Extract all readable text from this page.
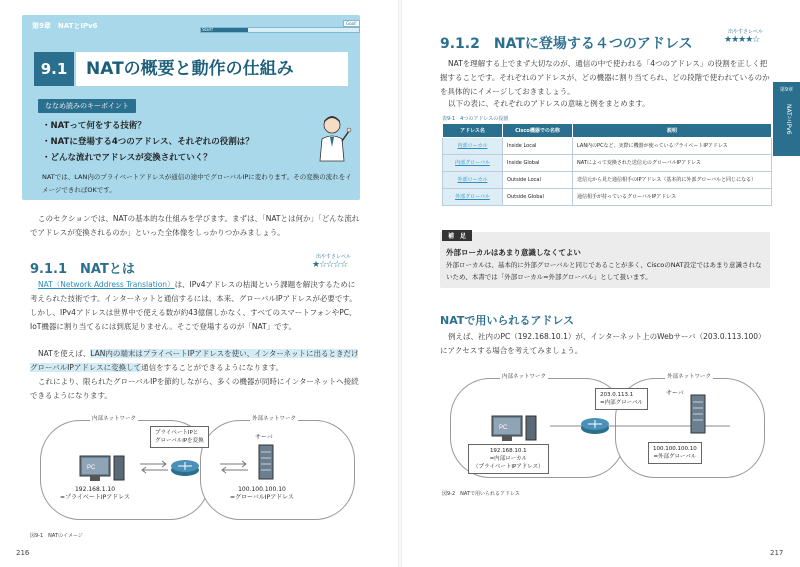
第9章　NATとIPv6	Start!
Goal!
9.1	NATの概要と動作の仕組み
ななめ読みのキーポイント
・NATって何をする技術？
・NATに登場する4つのアドレス、それぞれの役割は？
・どんな流れでアドレスが変換されていく？
NATでは、LAN内のプライベートアドレスが通信の途中でグローバルIPに変わります。その変換の流れをイメージできればOKです。
このセクションでは、NATの基本的な仕組みを学びます。まずは、「NATとは何か」「どんな流れでアドレスが変換されるのか」といった全体像をしっかりつかみましょう。
9.1.1　NATとは
出やすさレベル
★☆☆☆☆
NAT（Network Address Translation）は、IPv4アドレスの枯渇という課題を解決するために考えられた技術です。インターネットと通信するには、本来、グローバルIPアドレスが必要です。しかし、IPv4アドレスは世界中で使える数が約43億個しかなく、すべてのスマートフォンやPC、IoT機器に割り当てるには到底足りません。そこで登場するのが「NAT」です。
NATを使えば、LAN内の端末はプライベートIPアドレスを使い、インターネットに出るときだけグローバルIPアドレスに変換して通信をすることができるようになります。
これにより、限られたグローバルIPを節約しながら、多くの機器が同時にインターネットへ接続できるようになります。
内部ネットワーク	外部ネットワーク
プライベートIPと
グローバルIPを変換
PC
サーバ
192.168.1.10
=プライベートIPアドレス
100.100.100.10
=グローバルIPアドレス
図9-1　NATのイメージ
216
9.1.2　NATに登場する４つのアドレス
出やすさレベル
★★★★☆
NATを理解する上でまず大切なのが、通信の中で使われる「4つのアドレス」の役割を正しく把握することです。それぞれのアドレスが、どの機器に割り当てられ、どの段階で使われているのかを具体的にイメージしておきましょう。
以下の表に、それぞれのアドレスの意味と例をまとめます。
表9-1　4つのアドレスの役割
アドレス名	Cisco機器での名称	説明
内部ローカル	Inside Local	LAN内のPCなど、実際に機器が使っているプライベートIPアドレス
内部グローバル	Inside Global	NATによって変換された送信元のグローバルIPアドレス
外部ローカル	Outside Local	送信元から見た通信相手のIPアドレス（基本的に外部グローバルと同じになる）
外部グローバル	Outside Global	通信相手が持っているグローバルIPアドレス
補　足
外部ローカルはあまり意識しなくてよい
外部ローカルは、基本的に外部グローバルと同じであることが多く、CiscoのNAT設定ではあまり意識されないため、本書では「外部ローカル=外部グローバル」として扱います。
NATで用いられるアドレス
例えば、社内のPC（192.168.10.1）が、インターネット上のWebサーバ（203.0.113.100）にアクセスする場合を考えてみましょう。
内部ネットワーク	外部ネットワーク
203.0.113.1
=内部グローバル
PC
サーバ
192.168.10.1
=内部ローカル
（プライベートIPアドレス）
100.100.100.10
=外部グローバル
図9-2　NATで用いられるアドレス
217
第9章
NATとIPv6
